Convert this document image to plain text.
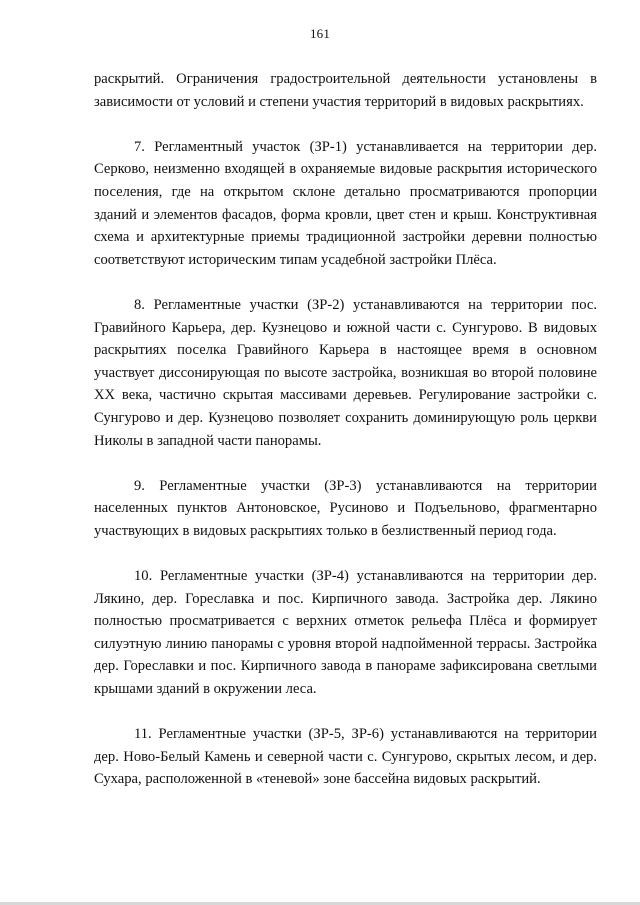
161

раскрытий. Ограничения градостроительной деятельности установлены в зависимости от условий и степени участия территорий в видовых раскрытиях.

7. Регламентный участок (ЗР-1) устанавливается на территории дер. Серково, неизменно входящей в охраняемые видовые раскрытия исторического поселения, где на открытом склоне детально просматриваются пропорции зданий и элементов фасадов, форма кровли, цвет стен и крыш. Конструктивная схема и архитектурные приемы традиционной застройки деревни полностью соответствуют историческим типам усадебной застройки Плёса.

8. Регламентные участки (ЗР-2) устанавливаются на территории пос. Гравийного Карьера, дер. Кузнецово и южной части с. Сунгурово. В видовых раскрытиях поселка Гравийного Карьера в настоящее время в основном участвует диссонирующая по высоте застройка, возникшая во второй половине XX века, частично скрытая массивами деревьев. Регулирование застройки с. Сунгурово и дер. Кузнецово позволяет сохранить доминирующую роль церкви Николы в западной части панорамы.

9. Регламентные участки (ЗР-3) устанавливаются на территории населенных пунктов Антоновское, Русиново и Подъельново, фрагментарно участвующих в видовых раскрытиях только в безлиственный период года.

10. Регламентные участки (ЗР-4) устанавливаются на территории дер. Лякино, дер. Гореславка и пос. Кирпичного завода. Застройка дер. Лякино полностью просматривается с верхних отметок рельефа Плёса и формирует силуэтную линию панорамы с уровня второй надпойменной террасы. Застройка дер. Гореславки и пос. Кирпичного завода в панораме зафиксирована светлыми крышами зданий в окружении леса.

11. Регламентные участки (ЗР-5, ЗР-6) устанавливаются на территории дер. Ново-Белый Камень и северной части с. Сунгурово, скрытых лесом, и дер. Сухара, расположенной в «теневой» зоне бассейна видовых раскрытий.
